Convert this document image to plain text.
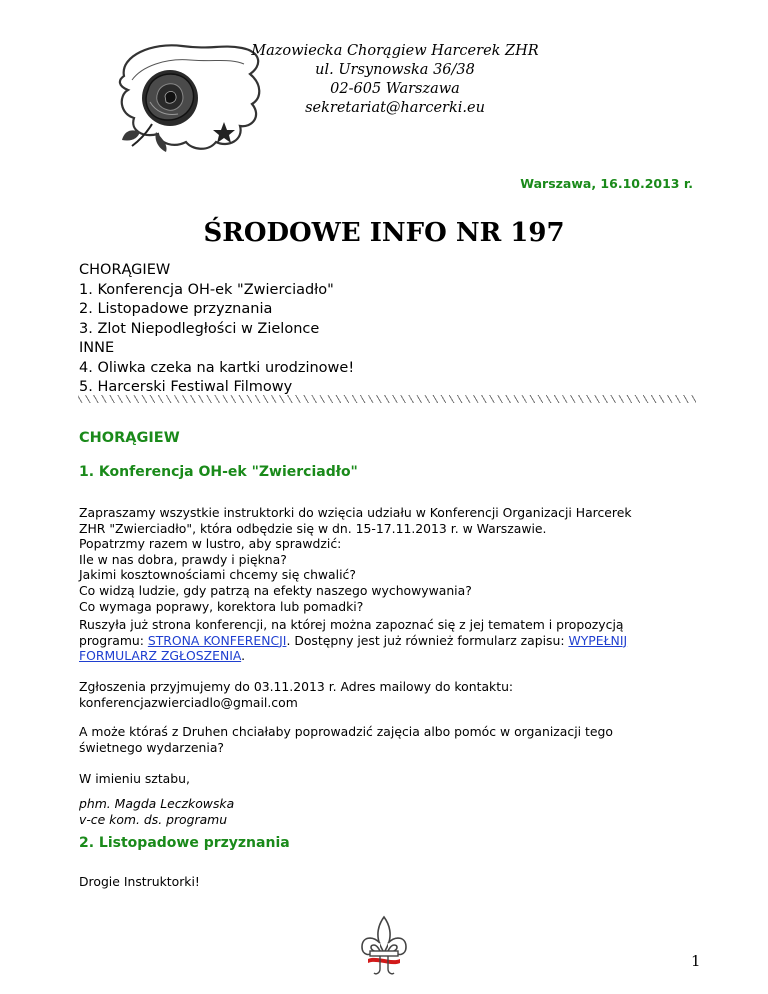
Mazowiecka Chorągiew Harcerek ZHR
ul. Ursynowska 36/38
02-605 Warszawa
sekretariat@harcerki.eu
Warszawa, 16.10.2013 r.
ŚRODOWE INFO NR 197
CHORĄGIEW
1. Konferencja OH-ek "Zwierciadło"
2. Listopadowe przyznania
3. Zlot Niepodległości w Zielonce
INNE
4. Oliwka czeka na kartki urodzinowe!
5. Harcerski Festiwal Filmowy
CHORĄGIEW
1. Konferencja OH-ek "Zwierciadło"
Zapraszamy wszystkie instruktorki do wzięcia udziału w Konferencji Organizacji Harcerek
ZHR "Zwierciadło", która odbędzie się w dn. 15-17.11.2013 r. w Warszawie.
Popatrzmy razem w lustro, aby sprawdzić:
Ile w nas dobra, prawdy i piękna?
Jakimi kosztownościami chcemy się chwalić?
Co widzą ludzie, gdy patrzą na efekty naszego wychowywania?
Co wymaga poprawy, korektora lub pomadki?
Ruszyła już strona konferencji, na której można zapoznać się z jej tematem i propozycją
programu: STRONA KONFERENCJI. Dostępny jest już również formularz zapisu: WYPEŁNIJ
FORMULARZ ZGŁOSZENIA.
Zgłoszenia przyjmujemy do 03.11.2013 r. Adres mailowy do kontaktu:
konferencjazwierciadlo@gmail.com
A może któraś z Druhen chciałaby poprowadzić zajęcia albo pomóc w organizacji tego
świetnego wydarzenia?
W imieniu sztabu,
phm. Magda Leczkowska
v-ce kom. ds. programu
2. Listopadowe przyznania
Drogie Instruktorki!
1
